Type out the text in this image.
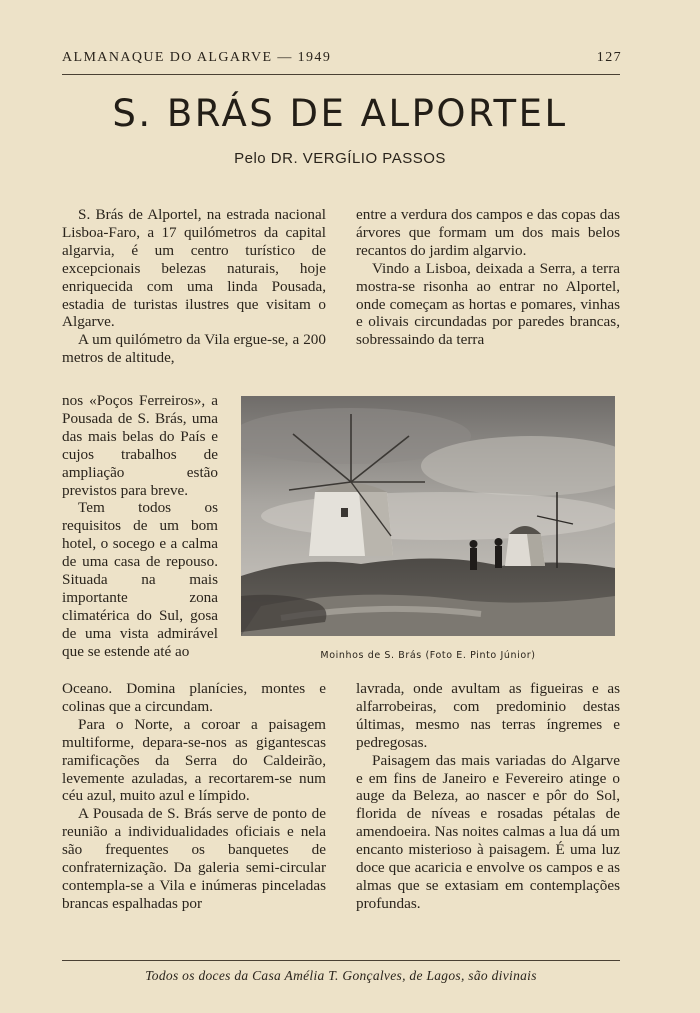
ALMANAQUE DO ALGARVE — 1949	127
S. BRÁS DE ALPORTEL
Pelo DR. VERGÍLIO PASSOS

S. Brás de Alportel, na estrada nacional Lisboa-Faro, a 17 quilómetros da capital algarvia, é um centro turístico de excepcionais belezas naturais, hoje enriquecida com uma linda Pousada, estadia de turistas ilustres que visitam o Algarve.

A um quilómetro da Vila ergue-se, a 200 metros de altitude,

nos «Poços Ferreiros», a Pousada de S. Brás, uma das mais belas do País e cujos trabalhos de ampliação estão previstos para breve.

Tem todos os requisitos de um bom hotel, o socego e a calma de uma casa de repouso. Situada na mais importante zona climatérica do Sul, gosa de uma vista admirável que se estende até ao

Oceano. Domina planícies, montes e colinas que a circundam.

Para o Norte, a coroar a paisagem multiforme, depara-se-nos as gigantescas ramificações da Serra do Caldeirão, levemente azuladas, a recortarem-se num céu azul, muito azul e límpido.

A Pousada de S. Brás serve de ponto de reunião a individualidades oficiais e nela são frequentes os banquetes de confraternização. Da galeria semi-circular contempla-se a Vila e inúmeras pinceladas brancas espalhadas por

entre a verdura dos campos e das copas das árvores que formam um dos mais belos recantos do jardim algarvio.

Vindo a Lisboa, deixada a Serra, a terra mostra-se risonha ao entrar no Alportel, onde começam as hortas e pomares, vinhas e olivais circundadas por paredes brancas, sobressaindo da terra

Moinhos de S. Brás (Foto E. Pinto Júnior)

lavrada, onde avultam as figueiras e as alfarrobeiras, com predominio destas últimas, mesmo nas terras íngremes e pedregosas.

Paisagem das mais variadas do Algarve e em fins de Janeiro e Fevereiro atinge o auge da Beleza, ao nascer e pôr do Sol, florida de níveas e rosadas pétalas de amendoeira. Nas noites calmas a lua dá um encanto misterioso à paisagem. É uma luz doce que acaricia e envolve os campos e as almas que se extasiam em contemplações profundas.

Todos os doces da Casa Amélia T. Gonçalves, de Lagos, são divinais
